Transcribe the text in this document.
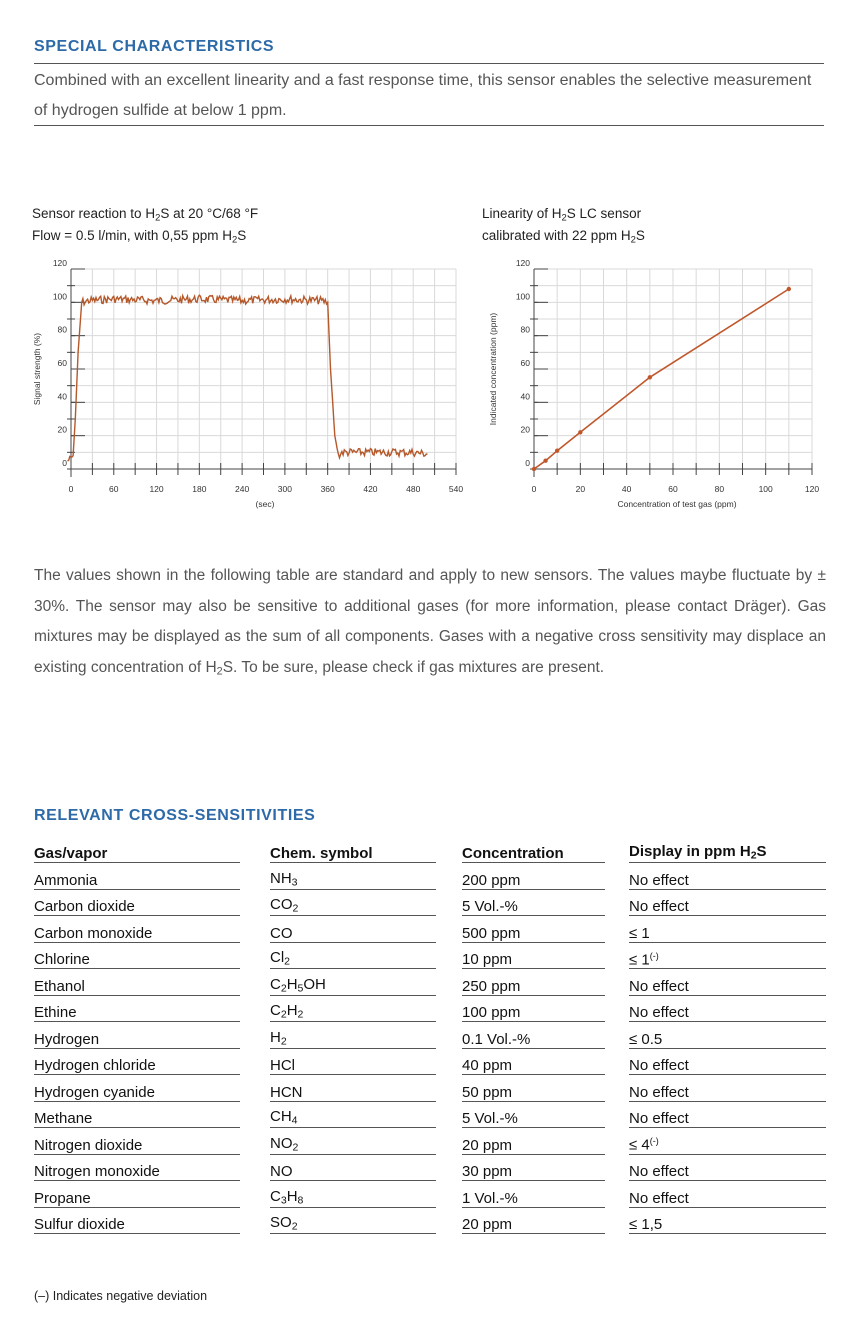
SPECIAL CHARACTERISTICS

Combined with an excellent linearity and a fast response time, this sensor enables the selective measurement of hydrogen sulfide at below 1 ppm.

Sensor reaction to $H_2S$ at 20 °C/68 °F
Flow = 0.5 l/min, with 0,55 ppm $H_2S$

Linearity of $H_2S$ LC sensor
calibrated with 22 ppm $H_2S$

0
20
40
60
80
100
120
0	60	120	180	240	300	360	420	480	540
Signal strength (%)
(sec)
0
20
40
60
80
100
120
0	20	40	60	80	100	120
Indicated concentration (ppm)
Concentration of test gas (ppm)

The values shown in the following table are standard and apply to new sensors. The values maybe fluctuate by ± 30%. The sensor may also be sensitive to additional gases (for more information, please contact Dräger). Gas mixtures may be displayed as the sum of all components. Gases with a negative cross sensitivity may displace an existing concentration of $H_2S$. To be sure, please check if gas mixtures are present.

RELEVANT CROSS-SENSITIVITIES
Gas/vapor		Chem. symbol		Concentration		Display in ppm $H_2S$
Ammonia		$NH_3$		200 ppm		No effect
Carbon dioxide		$CO_2$		5 Vol.-%		No effect
Carbon monoxide		CO		500 ppm		≤ 1
Chlorine		$Cl_2$		10 ppm		≤ 1(-)
Ethanol		$C_2H_5OH$		250 ppm		No effect
Ethine		$C_2H_2$		100 ppm		No effect
Hydrogen		$H_2$		0.1 Vol.-%		≤ 0.5
Hydrogen chloride		HCl		40 ppm		No effect
Hydrogen cyanide		HCN		50 ppm		No effect
Methane		$CH_4$		5 Vol.-%		No effect
Nitrogen dioxide		$NO_2$		20 ppm		≤ 4(-)
Nitrogen monoxide		NO		30 ppm		No effect
Propane		$C_3H_8$		1 Vol.-%		No effect
Sulfur dioxide		$SO_2$		20 ppm		≤ 1,5

(–) Indicates negative deviation
